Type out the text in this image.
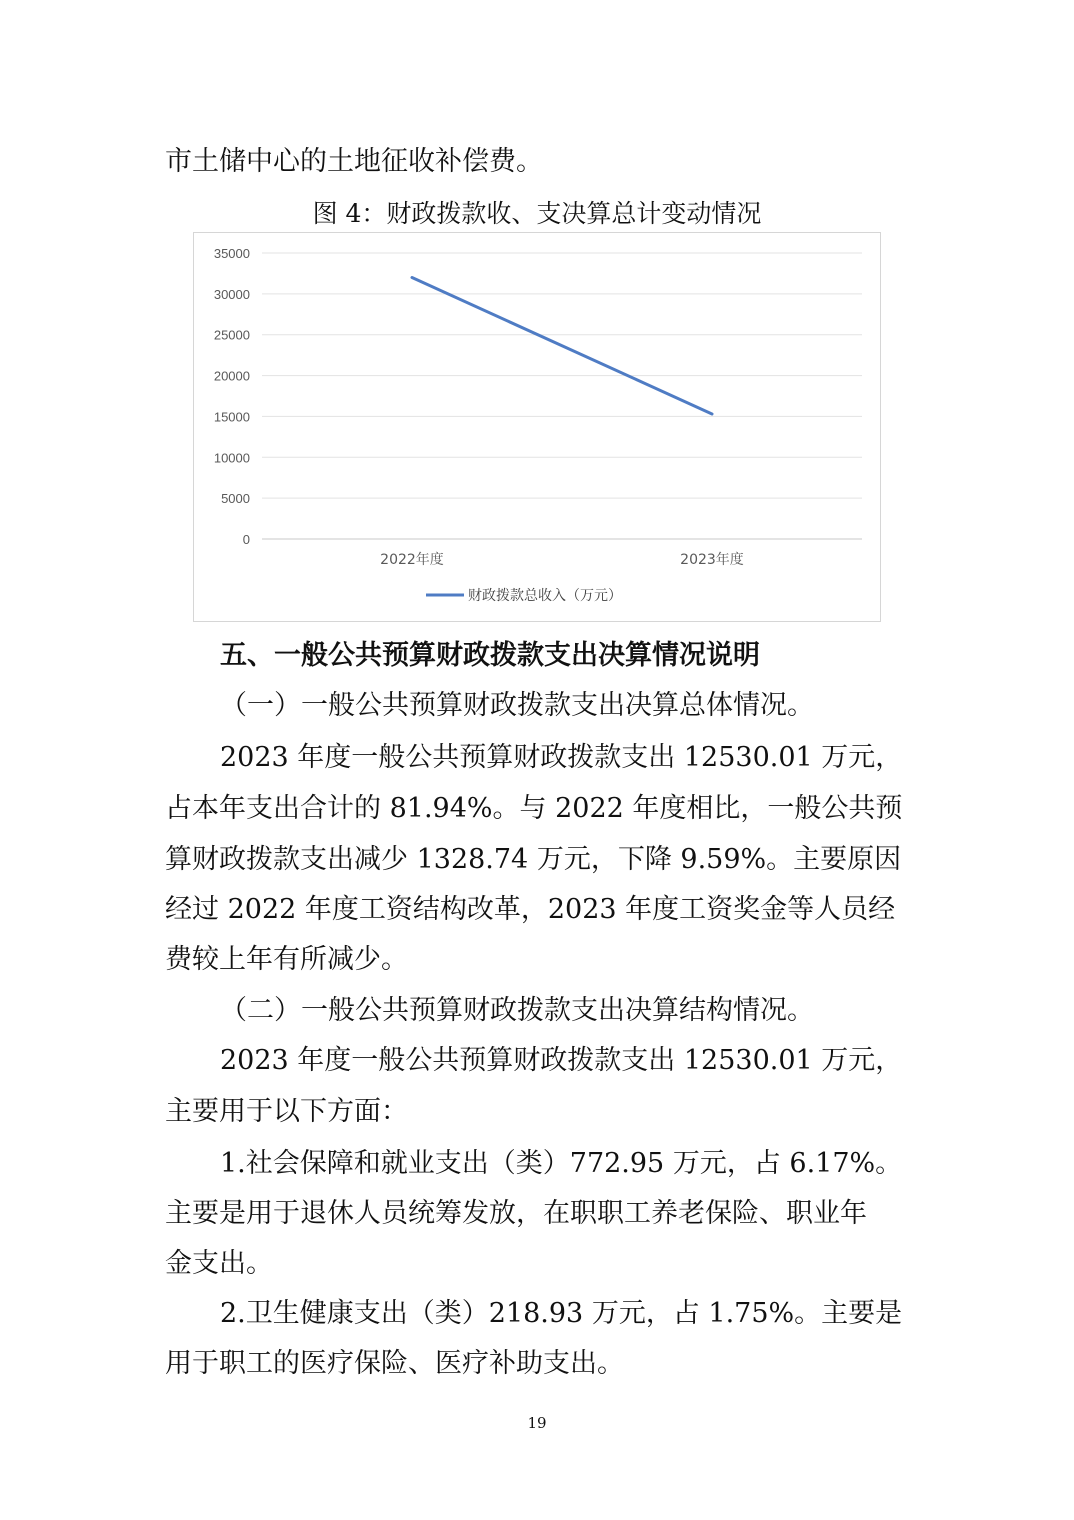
市土储中心的土地征收补偿费。
图 4：财政拨款收、支决算总计变动情况
0
5000
10000
15000
20000
25000
30000
35000
2022年度	2023年度
财政拨款总收入（万元）
五、一般公共预算财政拨款支出决算情况说明
（一）一般公共预算财政拨款支出决算总体情况。
2023 年度一般公共预算财政拨款支出 12530.01 万元，
占本年支出合计的 81.94%。与 2022 年度相比，一般公共预
算财政拨款支出减少 1328.74 万元，下降 9.59%。主要原因
经过 2022 年度工资结构改革，2023 年度工资奖金等人员经
费较上年有所减少。
（二）一般公共预算财政拨款支出决算结构情况。
2023 年度一般公共预算财政拨款支出 12530.01 万元，
主要用于以下方面：
1.社会保障和就业支出（类）772.95 万元，占 6.17%。
主要是用于退休人员统筹发放，在职职工养老保险、职业年
金支出。
2.卫生健康支出（类）218.93 万元，占 1.75%。主要是
用于职工的医疗保险、医疗补助支出。
19
